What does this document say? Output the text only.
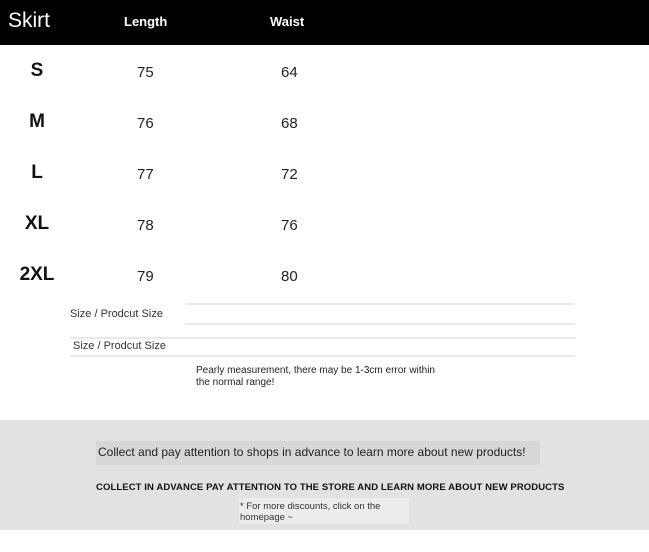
Skirt	Length	Waist
S	75	64
M	76	68
L	77	72
XL	78	76
2XL	79	80
Size / Prodcut Size
Size / Prodcut Size
Pearly measurement, there may be 1-3cm error within the normal range!
Collect and pay attention to shops in advance to learn more about new products!
COLLECT IN ADVANCE PAY ATTENTION TO THE STORE AND LEARN MORE ABOUT NEW PRODUCTS
* For more discounts, click on the homepage ~
